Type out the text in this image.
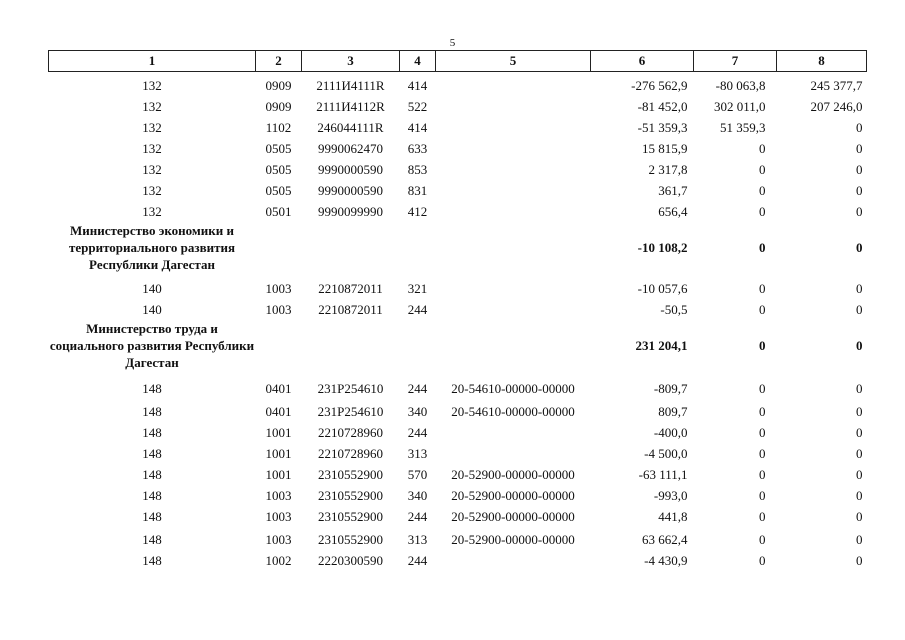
5
1	2	3	4	5	6	7	8
132	0909	2111И4111R	414		-276 562,9	-80 063,8	245 377,7
132	0909	2111И4112R	522		-81 452,0	302 011,0	207 246,0
132	1102	246044111R	414		-51 359,3	51 359,3	0
132	0505	9990062470	633		15 815,9	0	0
132	0505	9990000590	853		2 317,8	0	0
132	0505	9990000590	831		361,7	0	0
132	0501	9990099990	412		656,4	0	0
Министерство экономики и территориального развития Республики Дагестан					-10 108,2	0	0
140	1003	2210872011	321		-10 057,6	0	0
140	1003	2210872011	244		-50,5	0	0
Министерство труда и социального развития Республики Дагестан					231 204,1	0	0
148	0401	231P254610	244	20-54610-00000-00000	-809,7	0	0
148	0401	231P254610	340	20-54610-00000-00000	809,7	0	0
148	1001	2210728960	244		-400,0	0	0
148	1001	2210728960	313		-4 500,0	0	0
148	1001	2310552900	570	20-52900-00000-00000	-63 111,1	0	0
148	1003	2310552900	340	20-52900-00000-00000	-993,0	0	0
148	1003	2310552900	244	20-52900-00000-00000	441,8	0	0
148	1003	2310552900	313	20-52900-00000-00000	63 662,4	0	0
148	1002	2220300590	244		-4 430,9	0	0
